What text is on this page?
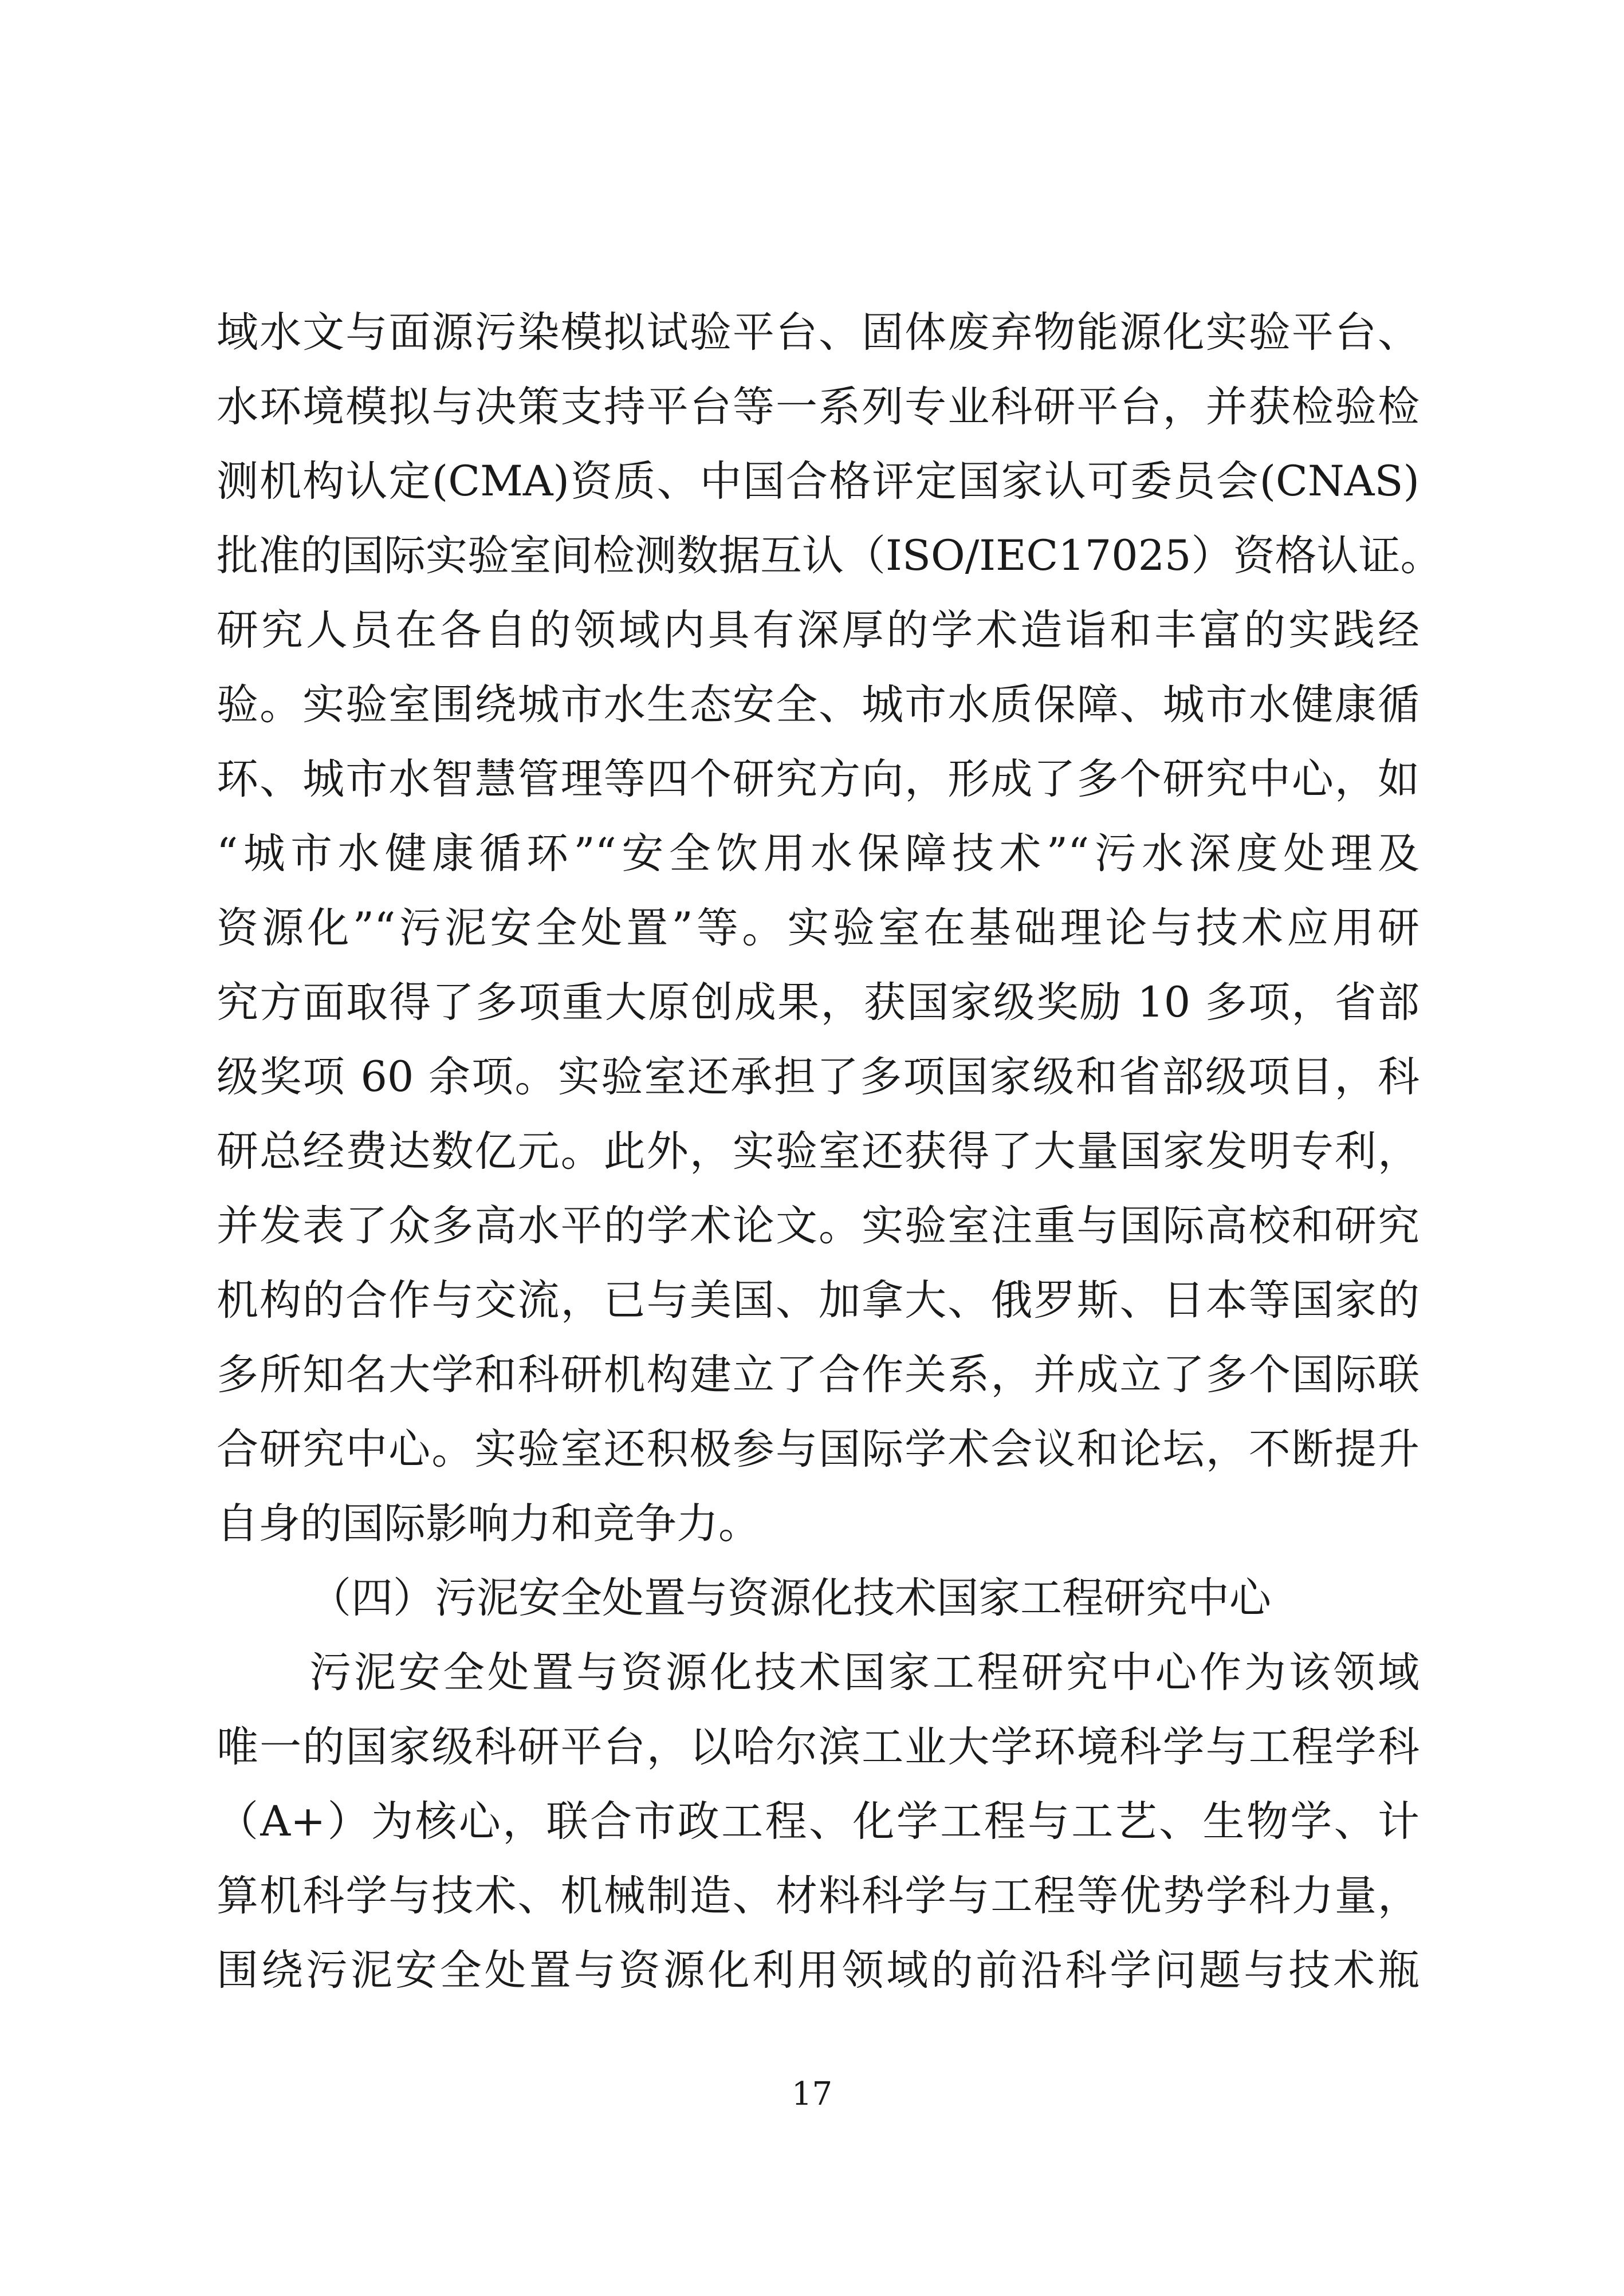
域水文与面源污染模拟试验平台、固体废弃物能源化实验平台、
水环境模拟与决策支持平台等一系列专业科研平台，并获检验检
测机构认定(CMA)资质、中国合格评定国家认可委员会(CNAS)
批准的国际实验室间检测数据互认（ISO/IEC17025）资格认证。
研究人员在各自的领域内具有深厚的学术造诣和丰富的实践经
验。实验室围绕城市水生态安全、城市水质保障、城市水健康循
环、城市水智慧管理等四个研究方向，形成了多个研究中心，如
“城市水健康循环”“安全饮用水保障技术”“污水深度处理及
资源化”“污泥安全处置”等。实验室在基础理论与技术应用研
究方面取得了多项重大原创成果，获国家级奖励 10 多项，省部
级奖项 60 余项。实验室还承担了多项国家级和省部级项目，科
研总经费达数亿元。此外，实验室还获得了大量国家发明专利，
并发表了众多高水平的学术论文。实验室注重与国际高校和研究
机构的合作与交流，已与美国、加拿大、俄罗斯、日本等国家的
多所知名大学和科研机构建立了合作关系，并成立了多个国际联
合研究中心。实验室还积极参与国际学术会议和论坛，不断提升
自身的国际影响力和竞争力。
（四）污泥安全处置与资源化技术国家工程研究中心
污泥安全处置与资源化技术国家工程研究中心作为该领域
唯一的国家级科研平台，以哈尔滨工业大学环境科学与工程学科
（A+）为核心，联合市政工程、化学工程与工艺、生物学、计
算机科学与技术、机械制造、材料科学与工程等优势学科力量，
围绕污泥安全处置与资源化利用领域的前沿科学问题与技术瓶
17
